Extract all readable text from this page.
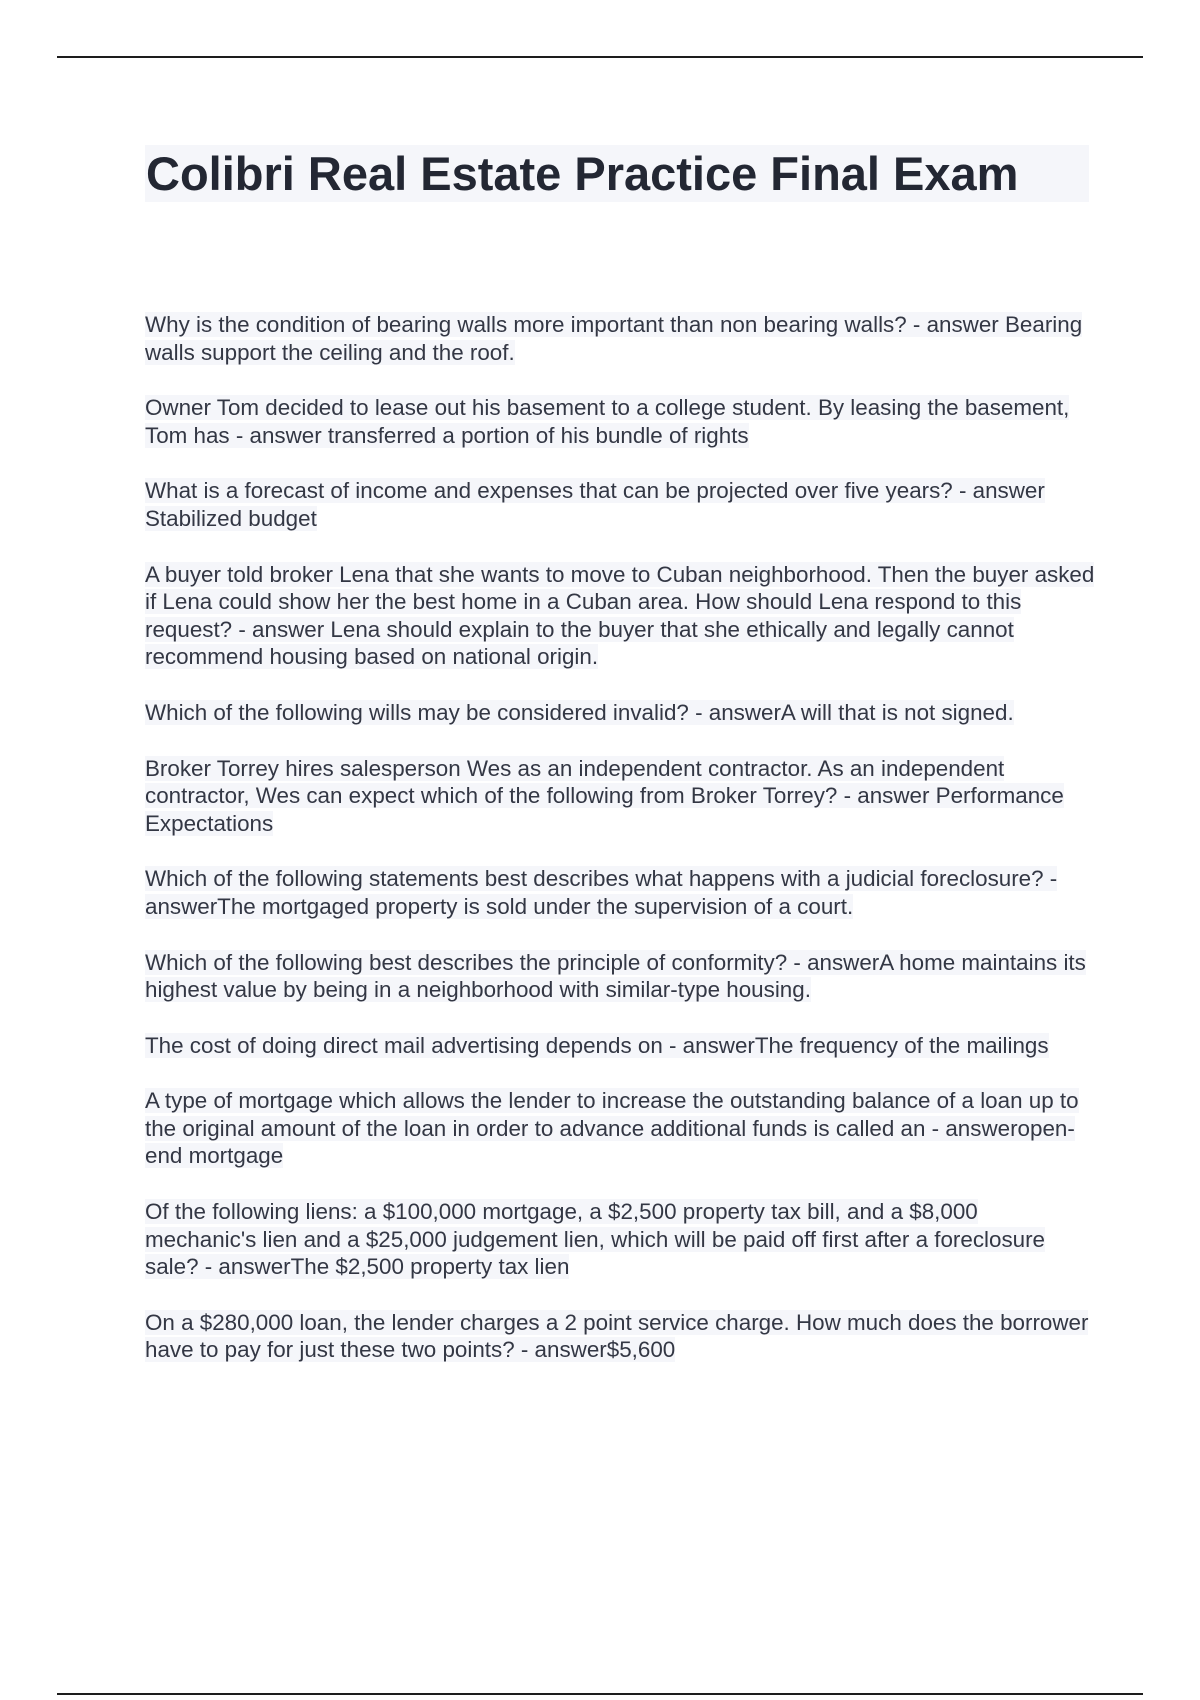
Colibri Real Estate Practice Final Exam

Why is the condition of bearing walls more important than non bearing walls? - answer Bearing walls support the ceiling and the roof.

Owner Tom decided to lease out his basement to a college student. By leasing the basement, Tom has - answer transferred a portion of his bundle of rights

What is a forecast of income and expenses that can be projected over five years? - answer Stabilized budget

A buyer told broker Lena that she wants to move to Cuban neighborhood. Then the buyer asked if Lena could show her the best home in a Cuban area. How should Lena respond to this request? - answer Lena should explain to the buyer that she ethically and legally cannot recommend housing based on national origin.

Which of the following wills may be considered invalid? - answerA will that is not signed.

Broker Torrey hires salesperson Wes as an independent contractor. As an independent contractor, Wes can expect which of the following from Broker Torrey? - answer Performance Expectations

Which of the following statements best describes what happens with a judicial foreclosure? - answerThe mortgaged property is sold under the supervision of a court.

Which of the following best describes the principle of conformity? - answerA home maintains its highest value by being in a neighborhood with similar-type housing.

The cost of doing direct mail advertising depends on - answerThe frequency of the mailings

A type of mortgage which allows the lender to increase the outstanding balance of a loan up to the original amount of the loan in order to advance additional funds is called an - answeropen-end mortgage

Of the following liens: a $100,000 mortgage, a $2,500 property tax bill, and a $8,000 mechanic's lien and a $25,000 judgement lien, which will be paid off first after a foreclosure sale? - answerThe $2,500 property tax lien

On a $280,000 loan, the lender charges a 2 point service charge. How much does the borrower have to pay for just these two points? - answer$5,600
